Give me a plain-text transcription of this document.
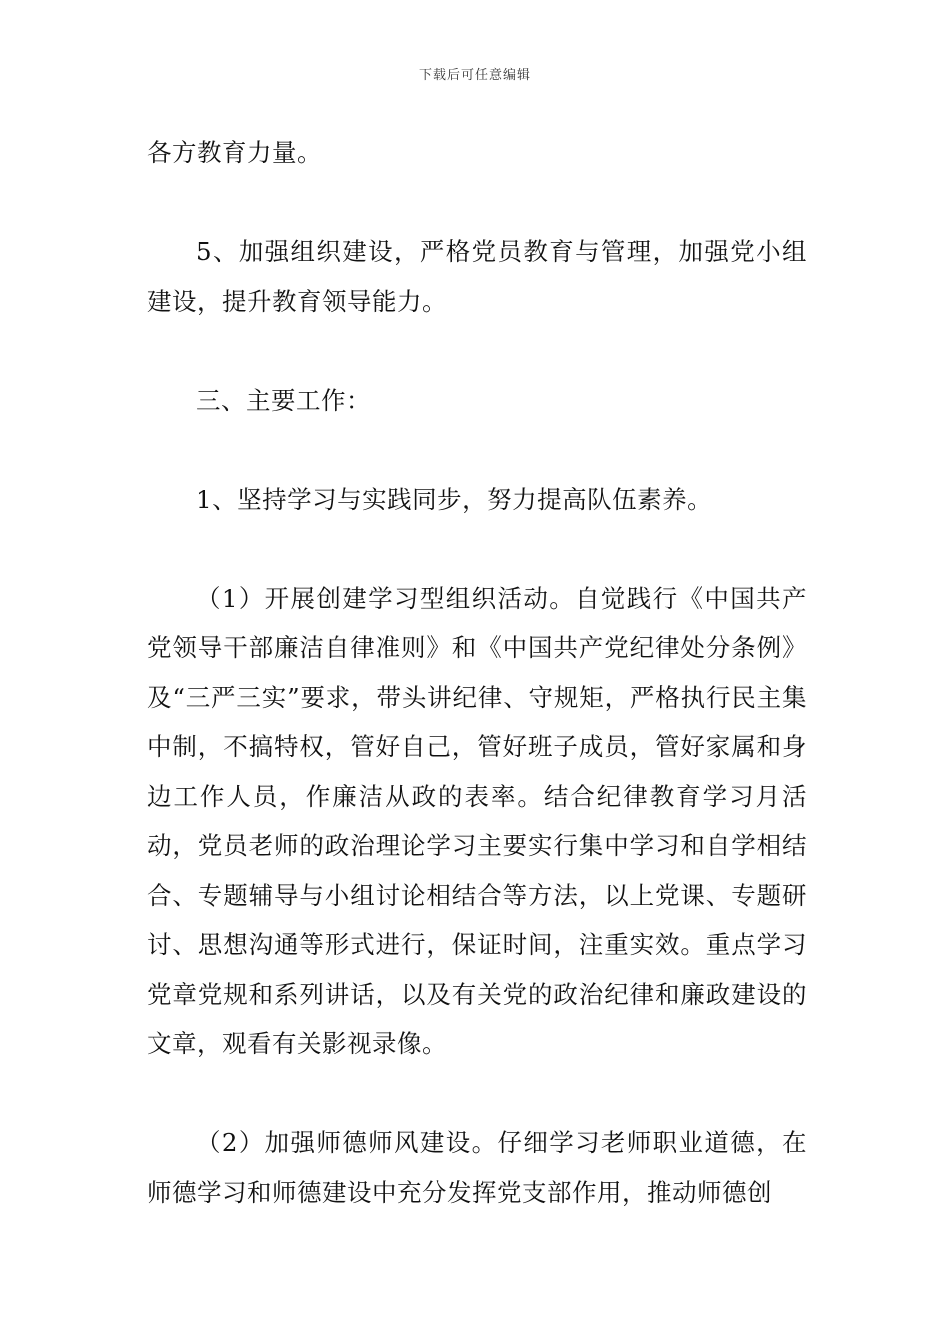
下载后可任意编辑

各方教育力量。

5、加强组织建设，严格党员教育与管理，加强党小组建设，提升教育领导能力。

三、主要工作：

1、坚持学习与实践同步，努力提高队伍素养。

（1）开展创建学习型组织活动。自觉践行《中国共产党领导干部廉洁自律准则》和《中国共产党纪律处分条例》及“三严三实”要求，带头讲纪律、守规矩，严格执行民主集中制，不搞特权，管好自己，管好班子成员，管好家属和身边工作人员，作廉洁从政的表率。结合纪律教育学习月活动，党员老师的政治理论学习主要实行集中学习和自学相结合、专题辅导与小组讨论相结合等方法，以上党课、专题研讨、思想沟通等形式进行，保证时间，注重实效。重点学习党章党规和系列讲话，以及有关党的政治纪律和廉政建设的文章，观看有关影视录像。

（2）加强师德师风建设。仔细学习老师职业道德，在师德学习和师德建设中充分发挥党支部作用，推动师德创
